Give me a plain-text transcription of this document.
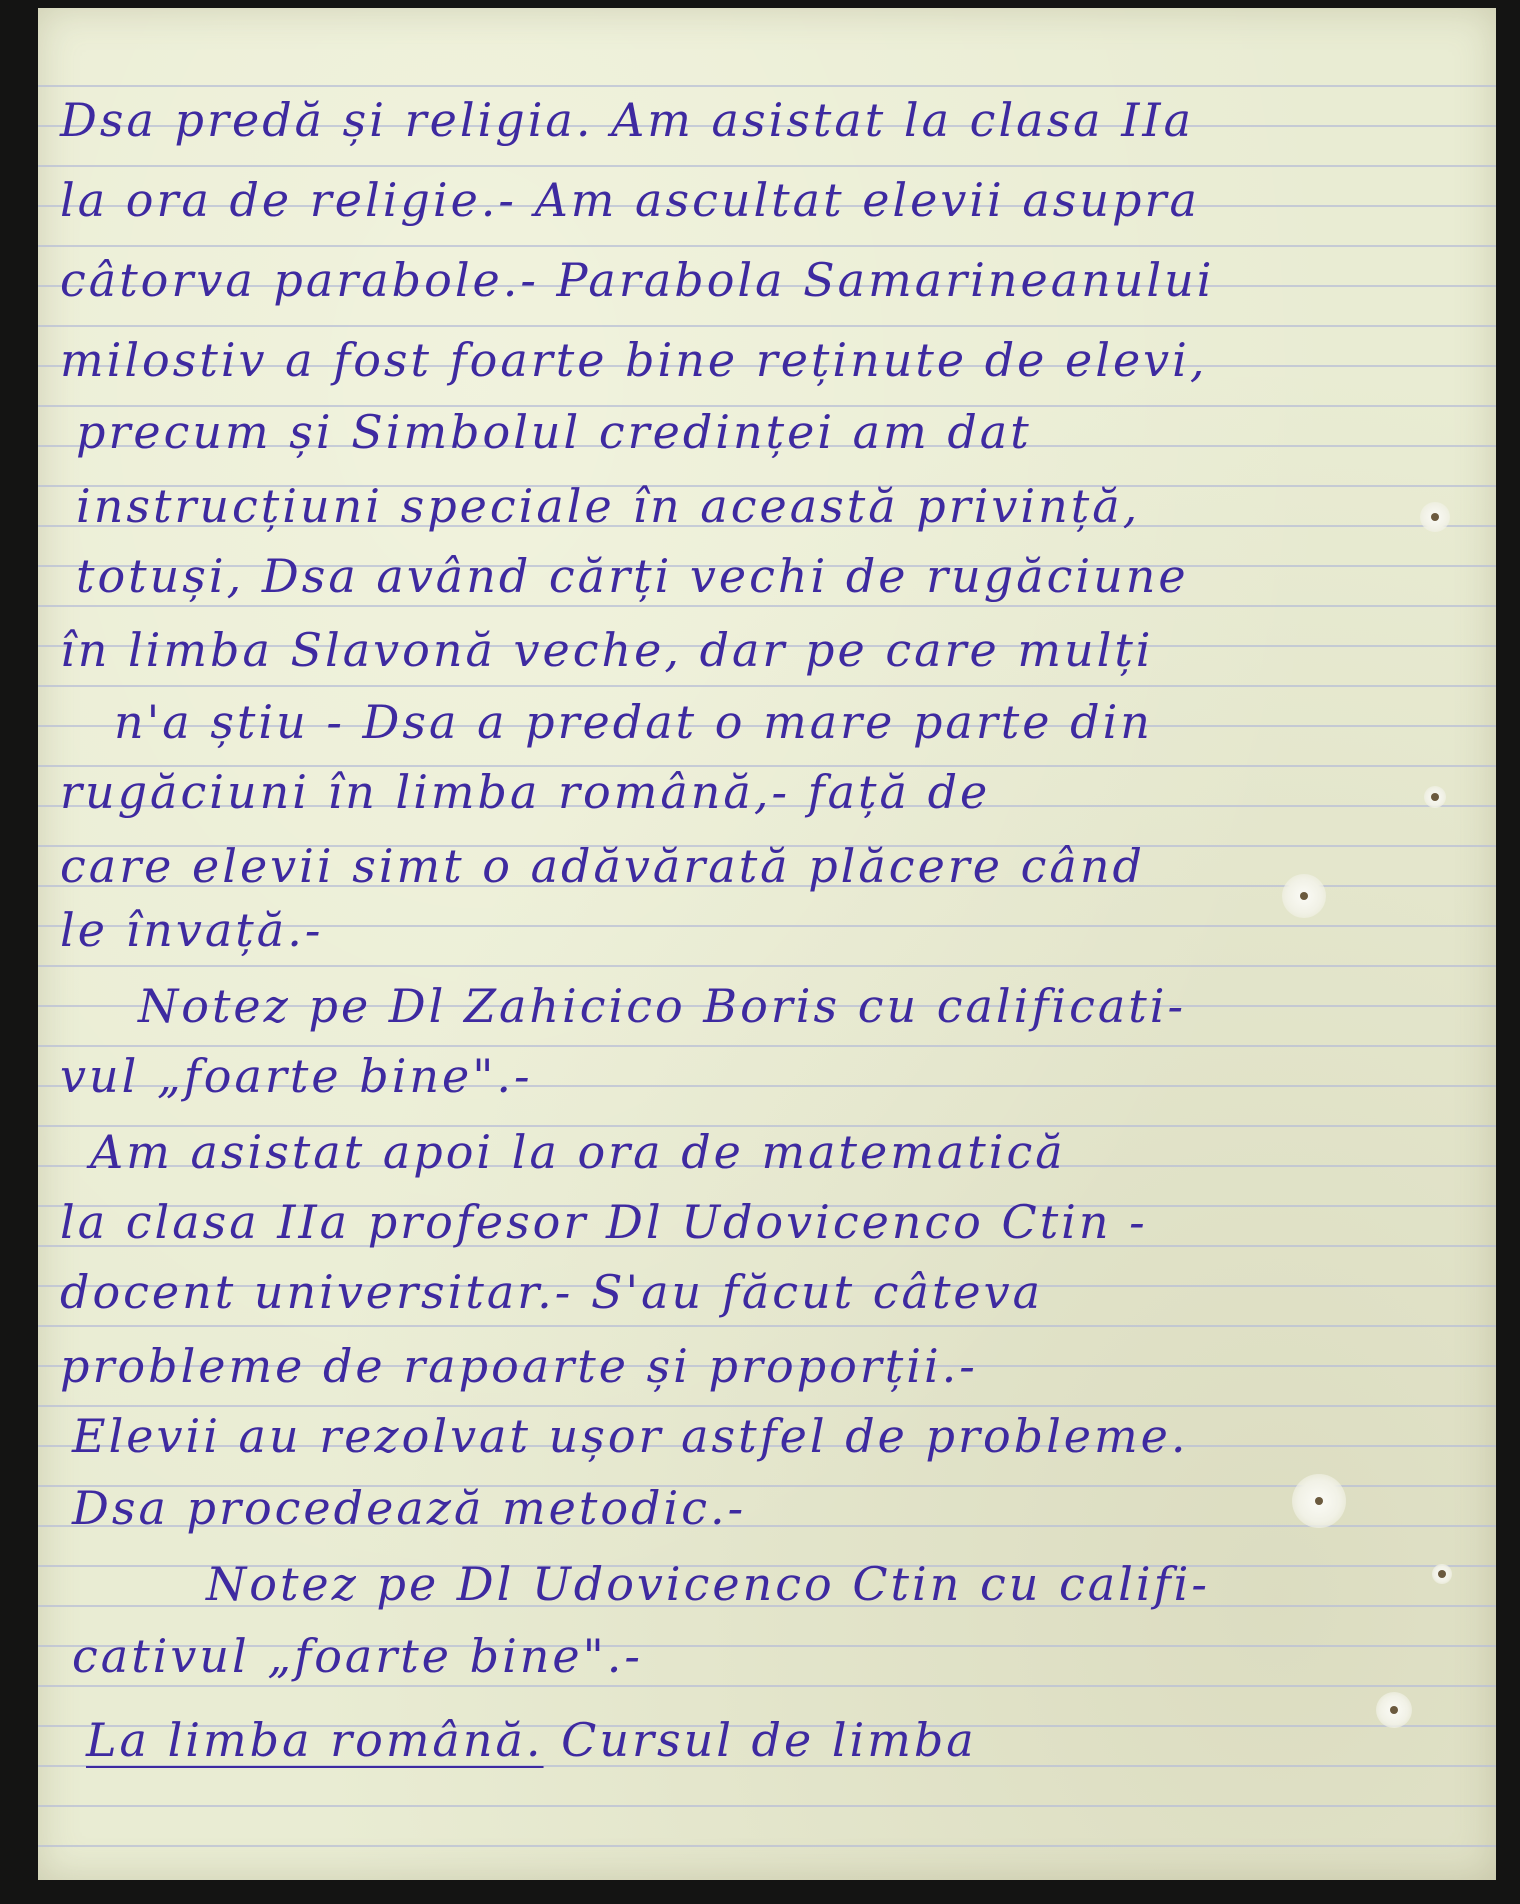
Dsa predă și religia. Am asistat la clasa IIa
la ora de religie.- Am ascultat elevii asupra
câtorva parabole.- Parabola Samarineanului
milostiv a fost foarte bine reținute de elevi,
precum și Simbolul credinței am dat
instrucțiuni speciale în această privință,
totuși, Dsa având cărți vechi de rugăciune
în limba Slavonă veche, dar pe care mulți
n'a știu - Dsa a predat o mare parte din
rugăciuni în limba română,- față de
care elevii simt o adăvărată plăcere când
le învață.-
Notez pe Dl Zahicico Boris cu calificati-
vul „foarte bine".-
Am asistat apoi la ora de matematică
la clasa IIa profesor Dl Udovicenco Ctin -
docent universitar.- S'au făcut câteva
probleme de rapoarte și proporții.-
Elevii au rezolvat ușor astfel de probleme.
Dsa procedează metodic.-
Notez pe Dl Udovicenco Ctin cu califi-
cativul „foarte bine".-
La limba română. Cursul de limba
